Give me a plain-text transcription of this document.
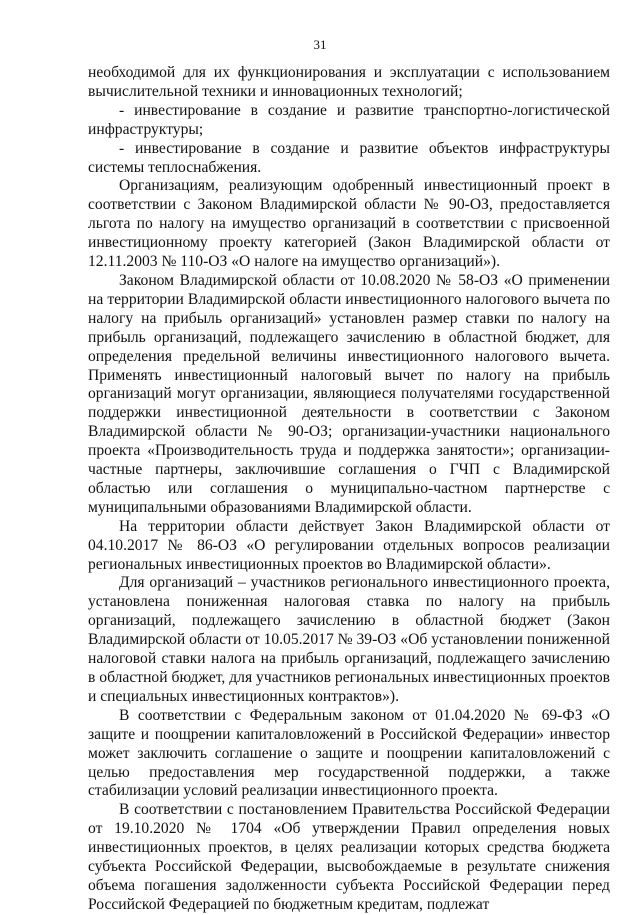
31

необходимой для их функционирования и эксплуатации с использованием вычислительной техники и инновационных технологий;

- инвестирование в создание и развитие транспортно-логистической инфраструктуры;

- инвестирование в создание и развитие объектов инфраструктуры системы теплоснабжения.

Организациям, реализующим одобренный инвестиционный проект в соответствии с Законом Владимирской области № 90-ОЗ, предоставляется льгота по налогу на имущество организаций в соответствии с присвоенной инвестиционному проекту категорией (Закон Владимирской области от 12.11.2003 № 110-ОЗ «О налоге на имущество организаций»).

Законом Владимирской области от 10.08.2020 № 58-ОЗ «О применении на территории Владимирской области инвестиционного налогового вычета по налогу на прибыль организаций» установлен размер ставки по налогу на прибыль организаций, подлежащего зачислению в областной бюджет, для определения предельной величины инвестиционного налогового вычета. Применять инвестиционный налоговый вычет по налогу на прибыль организаций могут организации, являющиеся получателями государственной поддержки инвестиционной деятельности в соответствии с Законом Владимирской области № 90-ОЗ; организации-участники национального проекта «Производительность труда и поддержка занятости»; организации-частные партнеры, заключившие соглашения о ГЧП с Владимирской областью или соглашения о муниципально-частном партнерстве с муниципальными образованиями Владимирской области.

На территории области действует Закон Владимирской области от 04.10.2017 № 86-ОЗ «О регулировании отдельных вопросов реализации региональных инвестиционных проектов во Владимирской области».

Для организаций – участников регионального инвестиционного проекта, установлена пониженная налоговая ставка по налогу на прибыль организаций, подлежащего зачислению в областной бюджет (Закон Владимирской области от 10.05.2017 № 39-ОЗ «Об установлении пониженной налоговой ставки налога на прибыль организаций, подлежащего зачислению в областной бюджет, для участников региональных инвестиционных проектов и специальных инвестиционных контрактов»).

В соответствии с Федеральным законом от 01.04.2020 № 69-ФЗ «О защите и поощрении капиталовложений в Российской Федерации» инвестор может заключить соглашение о защите и поощрении капиталовложений с целью предоставления мер государственной поддержки, а также стабилизации условий реализации инвестиционного проекта.

В соответствии с постановлением Правительства Российской Федерации от 19.10.2020 № 1704 «Об утверждении Правил определения новых инвестиционных проектов, в целях реализации которых средства бюджета субъекта Российской Федерации, высвобождаемые в результате снижения объема погашения задолженности субъекта Российской Федерации перед Российской Федерацией по бюджетным кредитам, подлежат
